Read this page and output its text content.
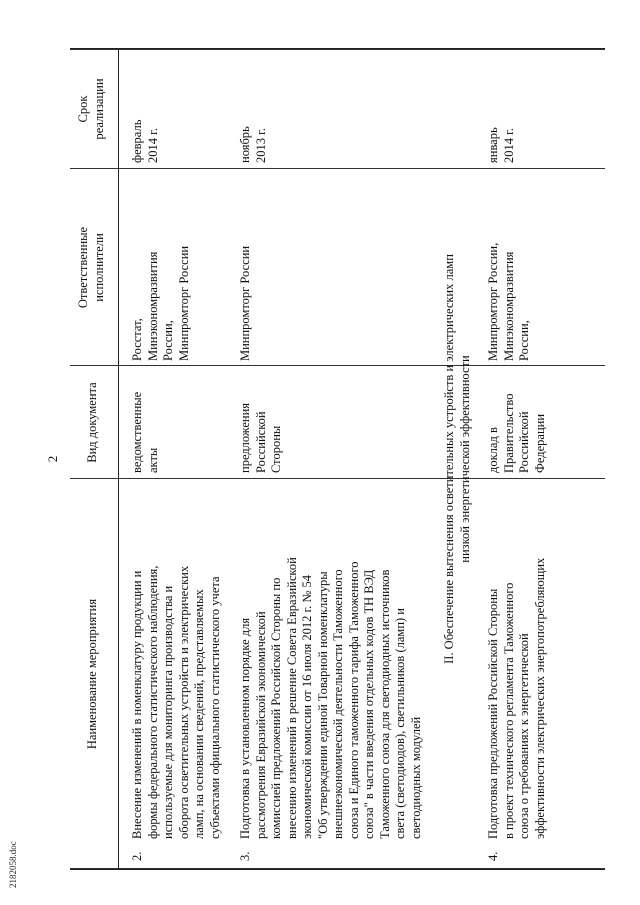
2
Наименование мероприятия
Вид документа
Ответственные исполнители
Срок реализации
2.
Внесение изменений в номенклатуру продукции и формы федерального статистического наблюдения, используемые для мониторинга производства и оборота осветительных устройств и электрических ламп, на основании сведений, представляемых субъектами официального статистического учета
ведомственные акты
Росстат, Минэкономразвития России, Минпромторг России
февраль 2014 г.
3.
Подготовка в установленном порядке для рассмотрения Евразийской экономической комиссией предложений Российской Стороны по внесению изменений в решение Совета Евразийской экономической комиссии от 16 июля 2012 г. № 54 "Об утверждении единой Товарной номенклатуры внешнеэкономической деятельности Таможенного союза и Единого таможенного тарифа Таможенного союза" в части введения отдельных кодов ТН ВЭД Таможенного союза для светодиодных источников света (светодиодов), светильников (ламп) и светодиодных модулей
предложения Российской Стороны
Минпромторг России
ноябрь 2013 г.
II. Обеспечение вытеснения осветительных устройств и электрических ламп низкой энергетической эффективности
4.
Подготовка предложений Российской Стороны в проект технического регламента Таможенного союза о требованиях к энергетической эффективности электрических энергопотребляющих
доклад в Правительство Российской Федерации
Минпромторг России, Минэкономразвития России,
январь 2014 г.
2182058.doc
